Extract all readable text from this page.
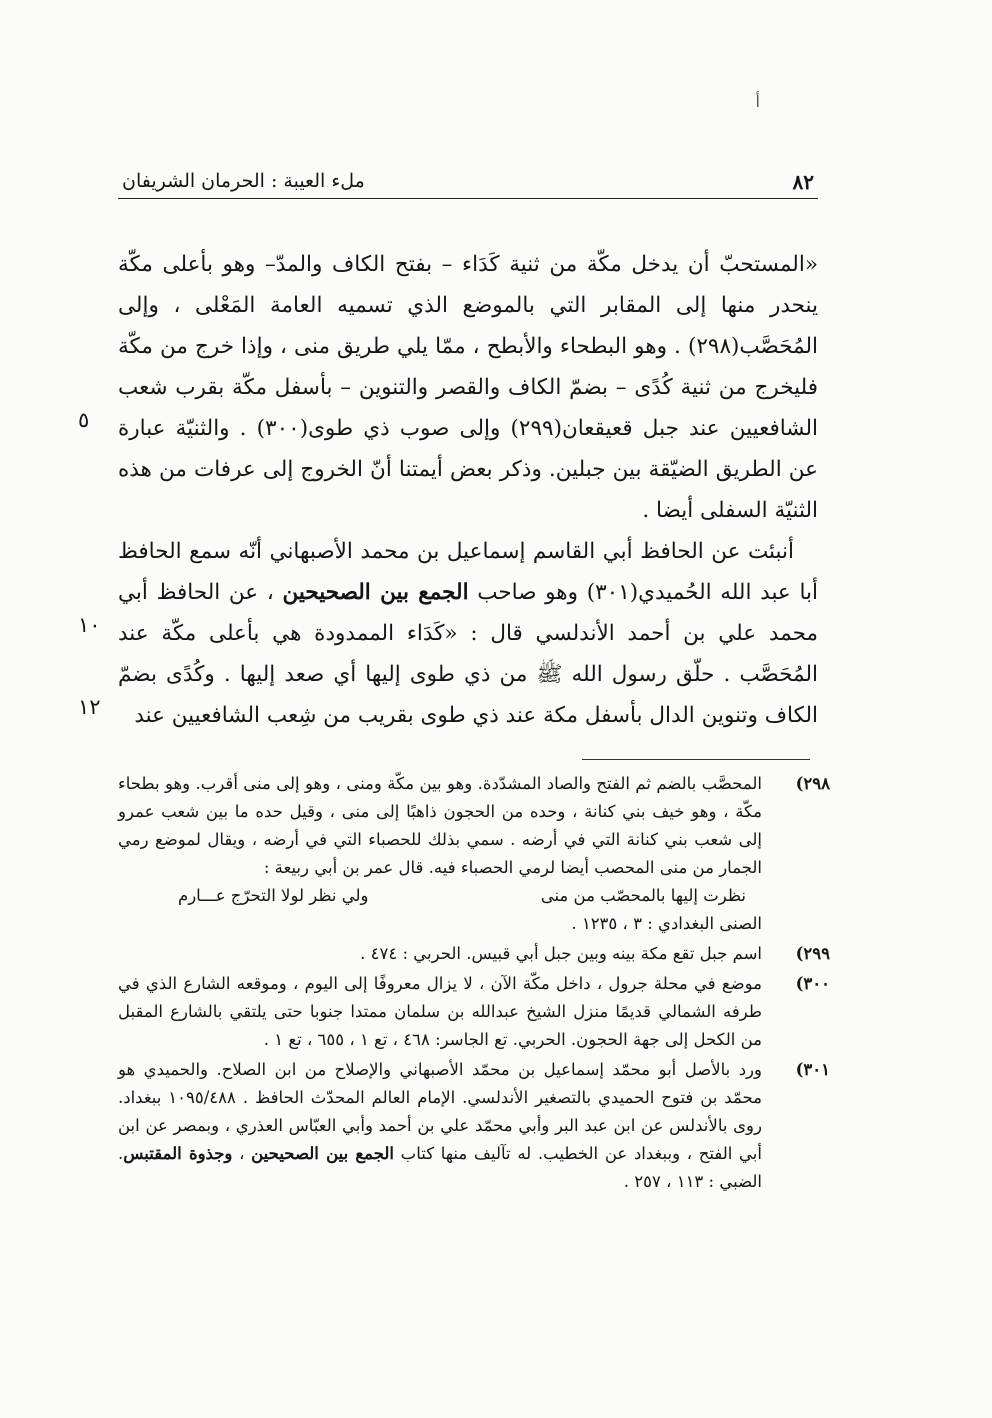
أ
٨٢
ملء العيبة : الحرمان الشريفان
٥
١٠
١٢

«المستحبّ أن يدخل مكّة من ثنية كَدَاء – بفتح الكاف والمدّ– وهو بأعلى مكّة ينحدر منها إلى المقابر التي بالموضع الذي تسميه العامة المَعْلى ، وإلى المُحَصَّب(٢٩٨) . وهو البطحاء والأبطح ، ممّا يلي طريق منى ، وإذا خرج من مكّة فليخرج من ثنية كُدًى – بضمّ الكاف والقصر والتنوين – بأسفل مكّة بقرب شعب الشافعيين عند جبل قعيقعان(٢٩٩) وإلى صوب ذي طوى(٣٠٠) . والثنيّة عبارة عن الطريق الضيّقة بين جبلين. وذكر بعض أيمتنا أنّ الخروج إلى عرفات من هذه الثنيّة السفلى أيضا .

أنبئت عن الحافظ أبي القاسم إسماعيل بن محمد الأصبهاني أنّه سمع الحافظ أبا عبد الله الحُميدي(٣٠١) وهو صاحب الجمع بين الصحيحين ، عن الحافظ أبي محمد علي بن أحمد الأندلسي قال : «كَدَاء الممدودة هي بأعلى مكّة عند المُحَصَّب . حلّق رسول الله ﷺ من ذي طوى إليها أي صعد إليها . وكُدًى بضمّ الكاف وتنوين الدال بأسفل مكة عند ذي طوى بقريب من شِعب الشافعيين عند

٢٩٨)
المحصَّب بالضم ثم الفتح والصاد المشدّدة. وهو بين مكّة ومنى ، وهو إلى منى أقرب. وهو بطحاء مكّة ، وهو خيف بني كنانة ، وحده من الحجون ذاهبًا إلى منى ، وقيل حده ما بين شعب عمرو إلى شعب بني كنانة التي في أرضه . سمي بذلك للحصباء التي في أرضه ، ويقال لموضع رمي الجمار من منى المحصب أيضا لرمي الحصباء فيه. قال عمر بن أبي ربيعة :
نظرت إليها بالمحصّب من منى
ولي نظر لولا التحرّج عـــارم
الصنى البغدادي : ٣ ، ١٢٣٥ .
٢٩٩)
اسم جبل تقع مكة بينه وبين جبل أبي قبيس. الحربي : ٤٧٤ .
٣٠٠)
موضع في محلة جرول ، داخل مكّة الآن ، لا يزال معروفًا إلى اليوم ، وموقعه الشارع الذي في طرفه الشمالي قديمًا منزل الشيخ عبدالله بن سلمان ممتدا جنوبا حتى يلتقي بالشارع المقبل من الكحل إلى جهة الحجون. الحربي. تع الجاسر: ٤٦٨ ، تع ١ ، ٦٥٥ ، تع ١ .
٣٠١)
ورد بالأصل أبو محمّد إسماعيل بن محمّد الأصبهاني والإصلاح من ابن الصلاح. والحميدي هو محمّد بن فتوح الحميدي بالتصغير الأندلسي. الإمام العالم المحدّث الحافظ . ١٠٩٥/٤٨٨ ببغداد. روى بالأندلس عن ابن عبد البر وأبي محمّد علي بن أحمد وأبي العبّاس العذري ، وبمصر عن ابن أبي الفتح ، وببغداد عن الخطيب. له تآليف منها كتاب الجمع بين الصحيحين ، وجذوة المقتبس. الضبي : ١١٣ ، ٢٥٧ .
